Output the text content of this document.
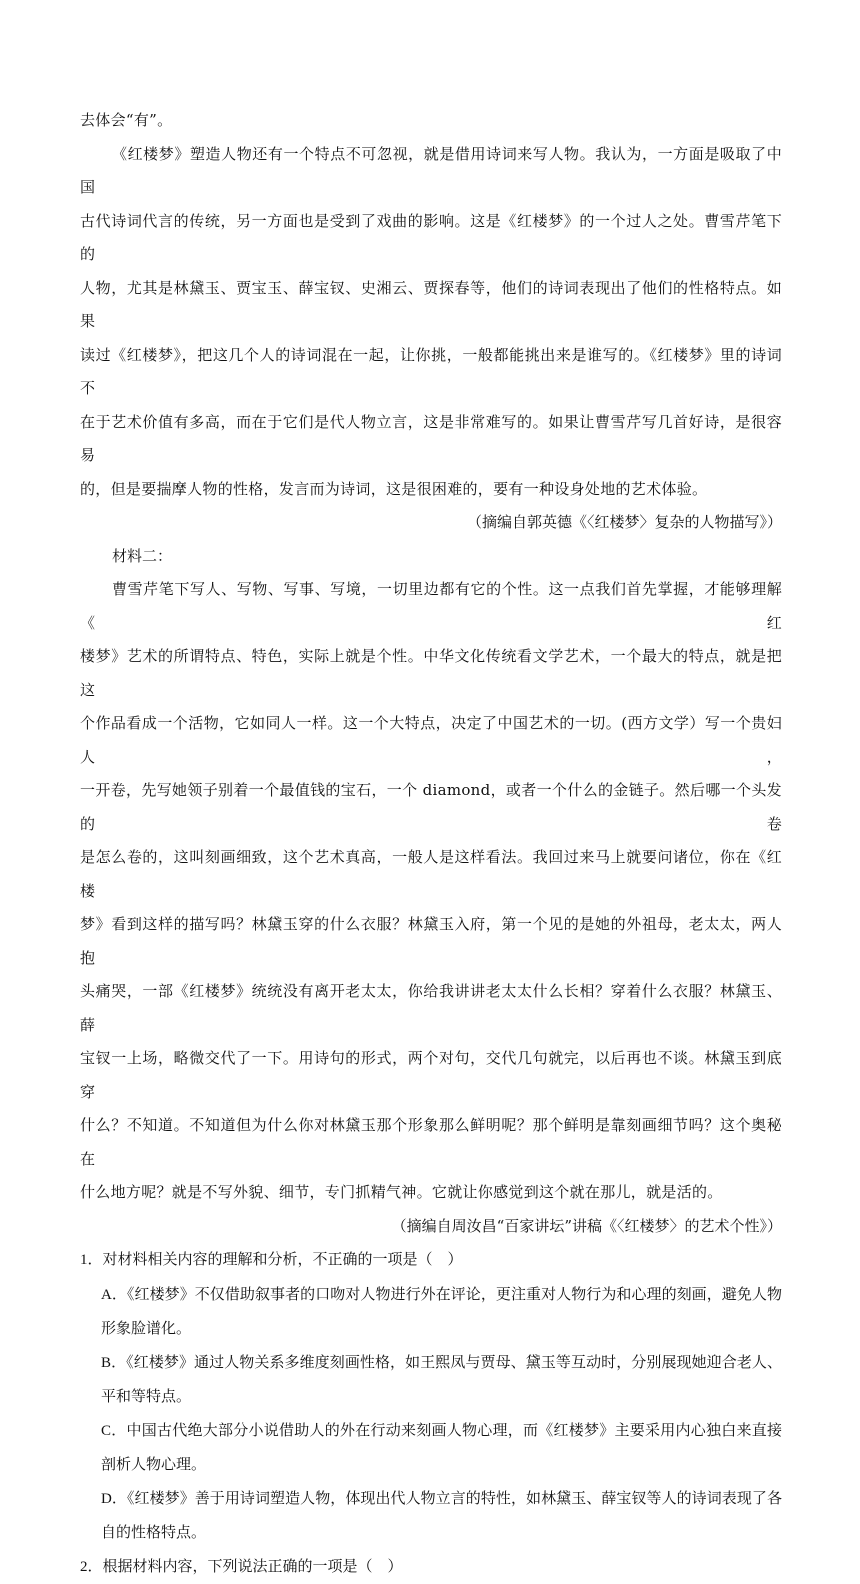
去体会“有”。

《红楼梦》塑造人物还有一个特点不可忽视，就是借用诗词来写人物。我认为，一方面是吸取了中国

古代诗词代言的传统，另一方面也是受到了戏曲的影响。这是《红楼梦》的一个过人之处。曹雪芹笔下的

人物，尤其是林黛玉、贾宝玉、薛宝钗、史湘云、贾探春等，他们的诗词表现出了他们的性格特点。如果

读过《红楼梦》，把这几个人的诗词混在一起，让你挑，一般都能挑出来是谁写的。《红楼梦》里的诗词不

在于艺术价值有多高，而在于它们是代人物立言，这是非常难写的。如果让曹雪芹写几首好诗，是很容易

的，但是要揣摩人物的性格，发言而为诗词，这是很困难的，要有一种设身处地的艺术体验。

（摘编自郭英德《〈红楼梦〉复杂的人物描写》）

材料二：

曹雪芹笔下写人、写物、写事、写境，一切里边都有它的个性。这一点我们首先掌握，才能够理解《红

楼梦》艺术的所谓特点、特色，实际上就是个性。中华文化传统看文学艺术，一个最大的特点，就是把这

个作品看成一个活物，它如同人一样。这一个大特点，决定了中国艺术的一切。(西方文学）写一个贵妇人，

一开卷，先写她领子别着一个最值钱的宝石，一个 diamond，或者一个什么的金链子。然后哪一个头发的卷

是怎么卷的，这叫刻画细致，这个艺术真高，一般人是这样看法。我回过来马上就要问诸位，你在《红楼

梦》看到这样的描写吗？林黛玉穿的什么衣服？林黛玉入府，第一个见的是她的外祖母，老太太，两人抱

头痛哭，一部《红楼梦》统统没有离开老太太，你给我讲讲老太太什么长相？穿着什么衣服？林黛玉、薛

宝钗一上场，略微交代了一下。用诗句的形式，两个对句，交代几句就完，以后再也不谈。林黛玉到底穿

什么？不知道。不知道但为什么你对林黛玉那个形象那么鲜明呢？那个鲜明是靠刻画细节吗？这个奥秘在

什么地方呢？就是不写外貌、细节，专门抓精气神。它就让你感觉到这个就在那儿，就是活的。

（摘编自周汝昌“百家讲坛”讲稿《〈红楼梦〉的艺术个性》）

1．对材料相关内容的理解和分析，不正确的一项是（　）

A．《红楼梦》不仅借助叙事者的口吻对人物进行外在评论，更注重对人物行为和心理的刻画，避免人物
形象脸谱化。
B．《红楼梦》通过人物关系多维度刻画性格，如王熙凤与贾母、黛玉等互动时，分别展现她迎合老人、
平和等特点。
C．中国古代绝大部分小说借助人的外在行动来刻画人物心理，而《红楼梦》主要采用内心独白来直接
剖析人物心理。
D．《红楼梦》善于用诗词塑造人物，体现出代人物立言的特性，如林黛玉、薛宝钗等人的诗词表现了各
自的性格特点。

2．根据材料内容，下列说法正确的一项是（　）
